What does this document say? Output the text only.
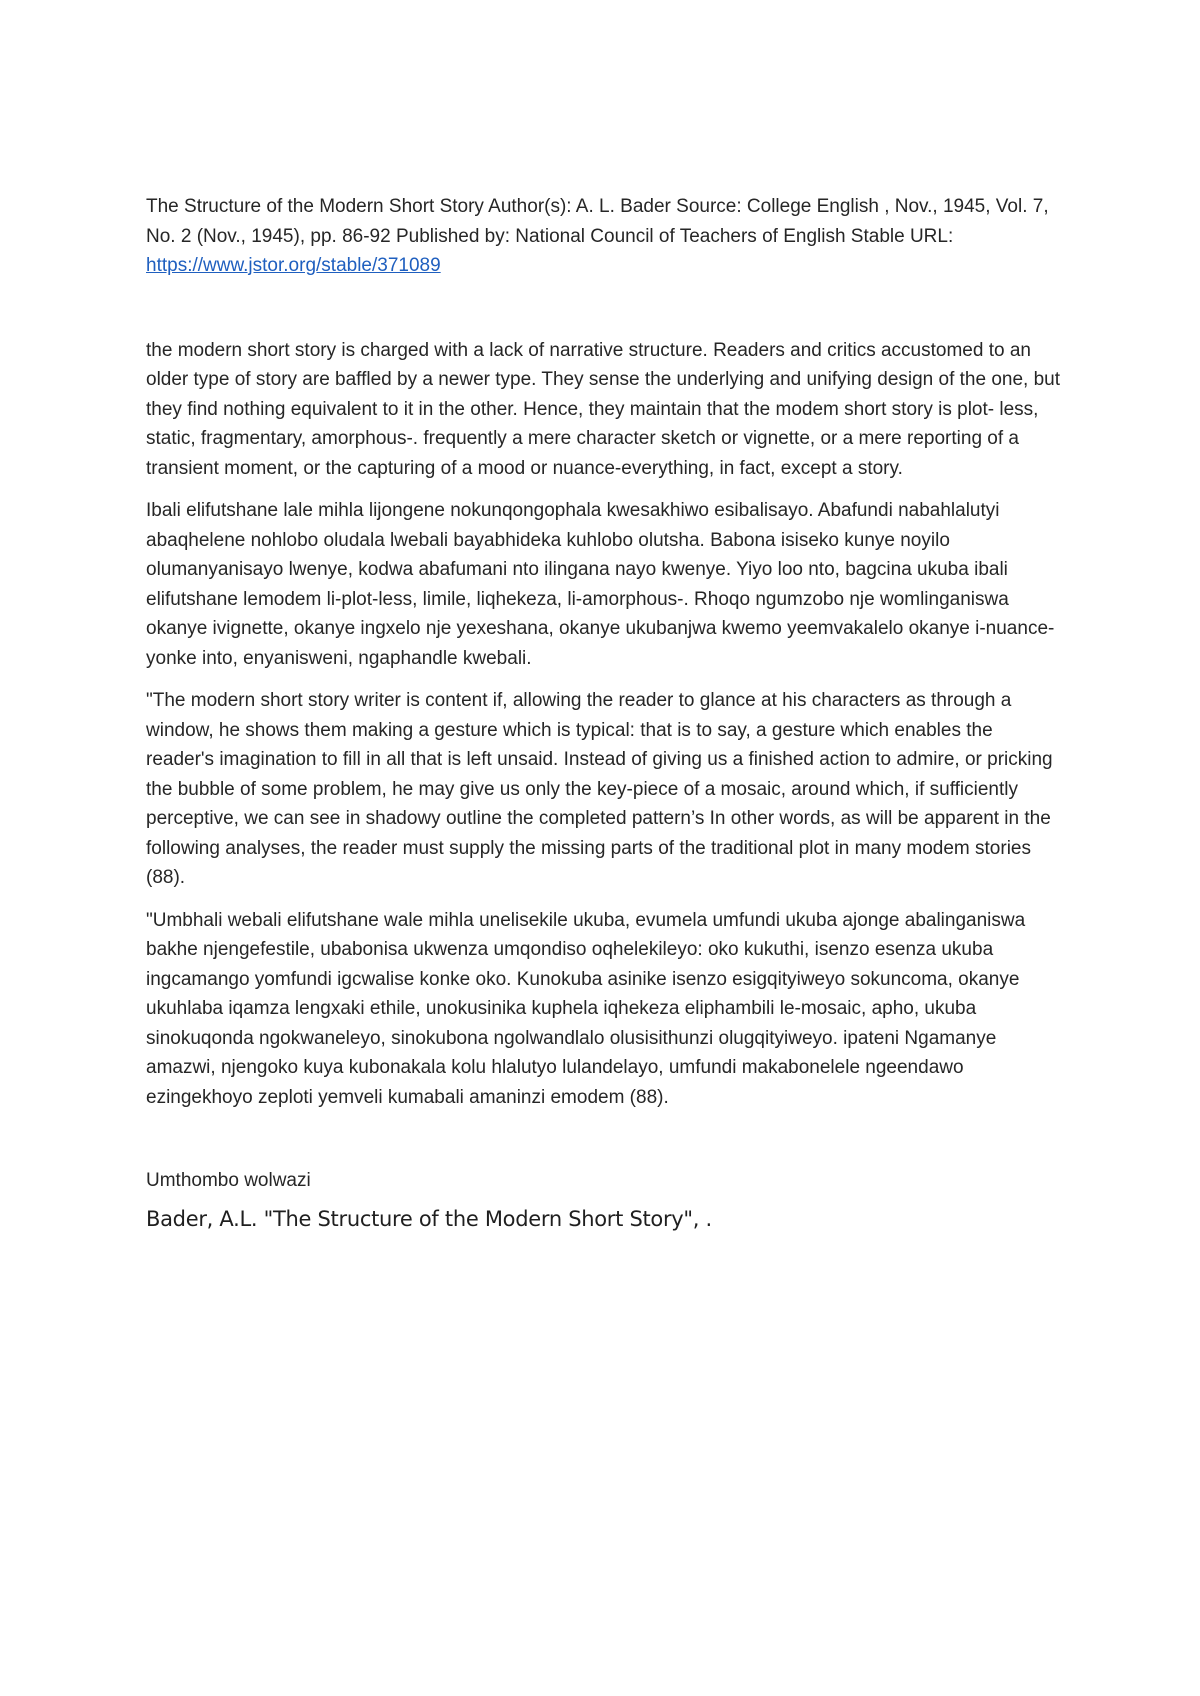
The Structure of the Modern Short Story Author(s): A. L. Bader Source: College English , Nov., 1945, Vol. 7, No. 2 (Nov., 1945), pp. 86-92 Published by: National Council of Teachers of English Stable URL: https://www.jstor.org/stable/371089

the modern short story is charged with a lack of narrative structure. Readers and critics accustomed to an older type of story are baffled by a newer type. They sense the underlying and unifying design of the one, but they find nothing equivalent to it in the other. Hence, they maintain that the modem short story is plot- less, static, fragmentary, amorphous-. frequently a mere character sketch or vignette, or a mere reporting of a transient moment, or the capturing of a mood or nuance-everything, in fact, except a story.

Ibali elifutshane lale mihla lijongene nokunqongophala kwesakhiwo esibalisayo. Abafundi nabahlalutyi abaqhelene nohlobo oludala lwebali bayabhideka kuhlobo olutsha. Babona isiseko kunye noyilo olumanyanisayo lwenye, kodwa abafumani nto ilingana nayo kwenye. Yiyo loo nto, bagcina ukuba ibali elifutshane lemodem li-plot-less, limile, liqhekeza, li-amorphous-. Rhoqo ngumzobo nje womlinganiswa okanye ivignette, okanye ingxelo nje yexeshana, okanye ukubanjwa kwemo yeemvakalelo okanye i-nuance-yonke into, enyanisweni, ngaphandle kwebali.

"The modern short story writer is content if, allowing the reader to glance at his characters as through a window, he shows them making a gesture which is typical: that is to say, a gesture which enables the reader's imagination to fill in all that is left unsaid. Instead of giving us a finished action to admire, or pricking the bubble of some problem, he may give us only the key-piece of a mosaic, around which, if sufficiently perceptive, we can see in shadowy outline the completed pattern’s In other words, as will be apparent in the following analyses, the reader must supply the missing parts of the traditional plot in many modem stories (88).

"Umbhali webali elifutshane wale mihla unelisekile ukuba, evumela umfundi ukuba ajonge abalinganiswa bakhe njengefestile, ubabonisa ukwenza umqondiso oqhelekileyo: oko kukuthi, isenzo esenza ukuba ingcamango yomfundi igcwalise konke oko. Kunokuba asinike isenzo esigqityiweyo sokuncoma, okanye ukuhlaba iqamza lengxaki ethile, unokusinika kuphela iqhekeza eliphambili le-mosaic, apho, ukuba sinokuqonda ngokwaneleyo, sinokubona ngolwandlalo olusisithunzi olugqityiweyo. ipateni Ngamanye amazwi, njengoko kuya kubonakala kolu hlalutyo lulandelayo, umfundi makabonelele ngeendawo ezingekhoyo zeploti yemveli kumabali amaninzi emodem (88).

Umthombo wolwazi

Bader, A.L. "The Structure of the Modern Short Story", .
